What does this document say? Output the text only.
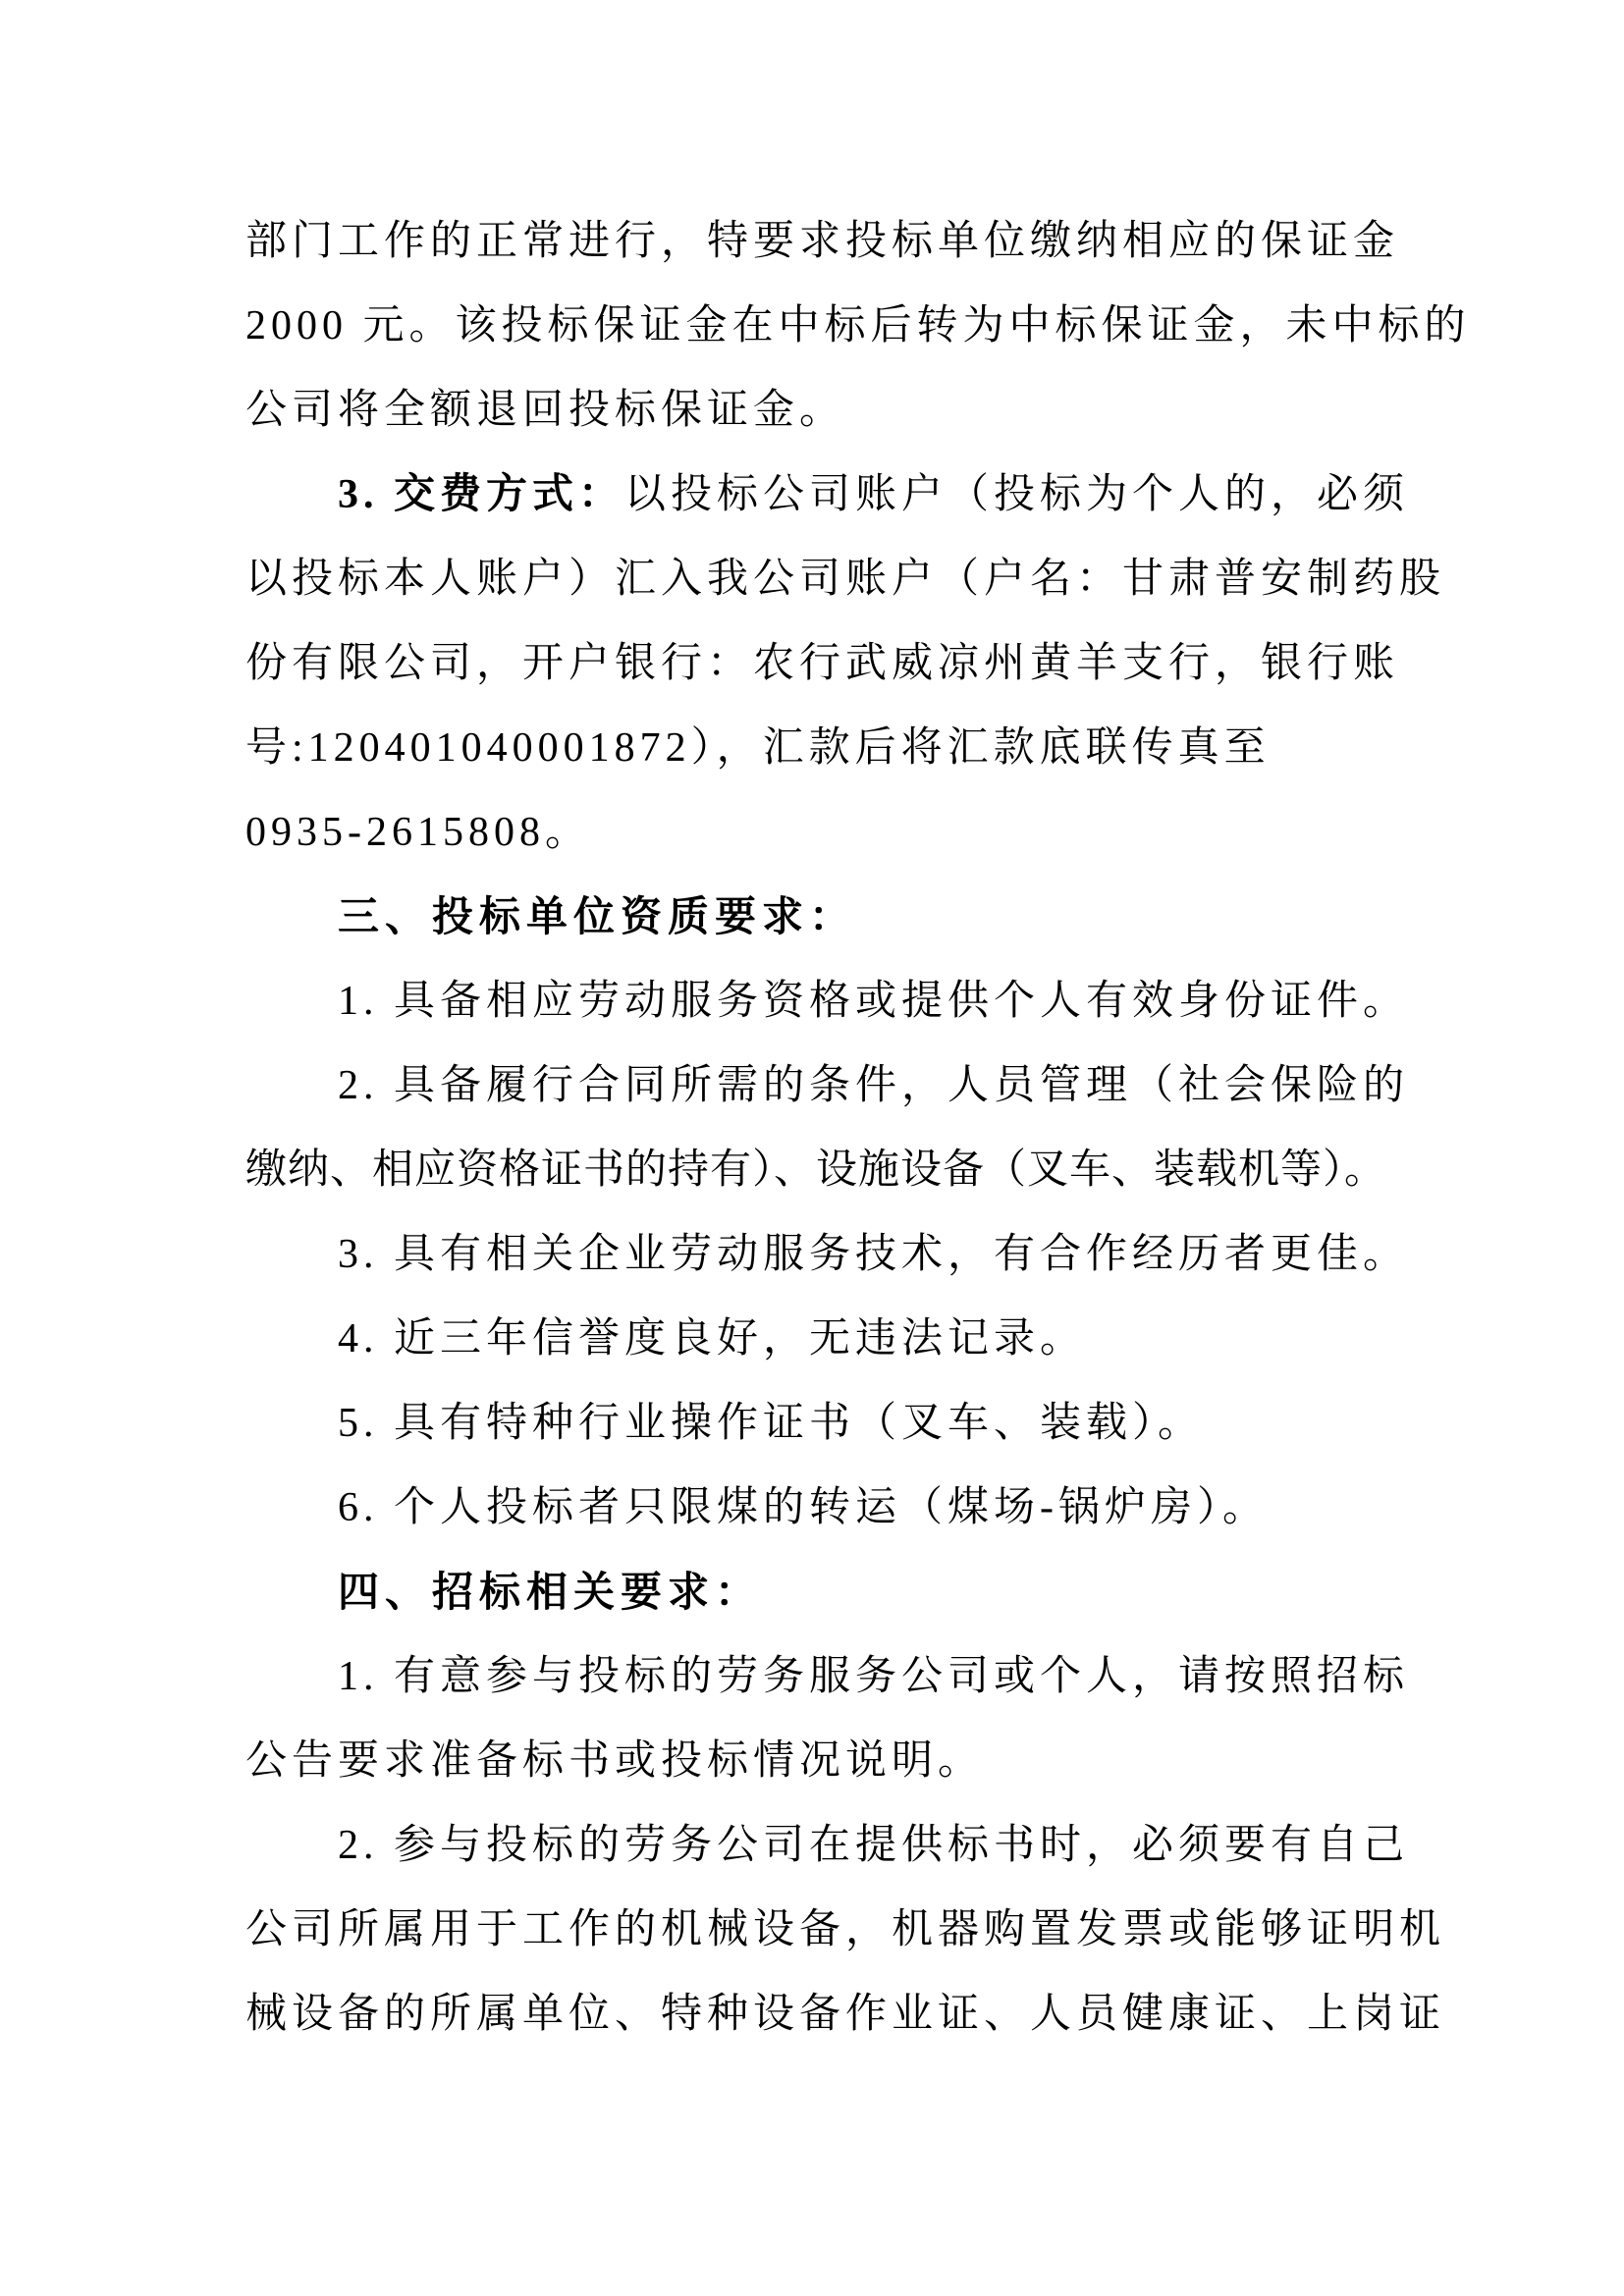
部门工作的正常进行，特要求投标单位缴纳相应的保证金
2000 元。该投标保证金在中标后转为中标保证金，未中标的
公司将全额退回投标保证金。
3. 交费方式：以投标公司账户（投标为个人的，必须
以投标本人账户）汇入我公司账户（户名：甘肃普安制药股
份有限公司，开户银行：农行武威凉州黄羊支行，银行账
号:120401040001872），汇款后将汇款底联传真至
0935-2615808。
三、投标单位资质要求：
1. 具备相应劳动服务资格或提供个人有效身份证件。
2. 具备履行合同所需的条件，人员管理（社会保险的
缴纳、相应资格证书的持有）、设施设备（叉车、装载机等）。
3. 具有相关企业劳动服务技术，有合作经历者更佳。
4. 近三年信誉度良好，无违法记录。
5. 具有特种行业操作证书（叉车、装载）。
6. 个人投标者只限煤的转运（煤场-锅炉房）。
四、招标相关要求：
1. 有意参与投标的劳务服务公司或个人，请按照招标
公告要求准备标书或投标情况说明。
2. 参与投标的劳务公司在提供标书时，必须要有自己
公司所属用于工作的机械设备，机器购置发票或能够证明机
械设备的所属单位、特种设备作业证、人员健康证、上岗证
